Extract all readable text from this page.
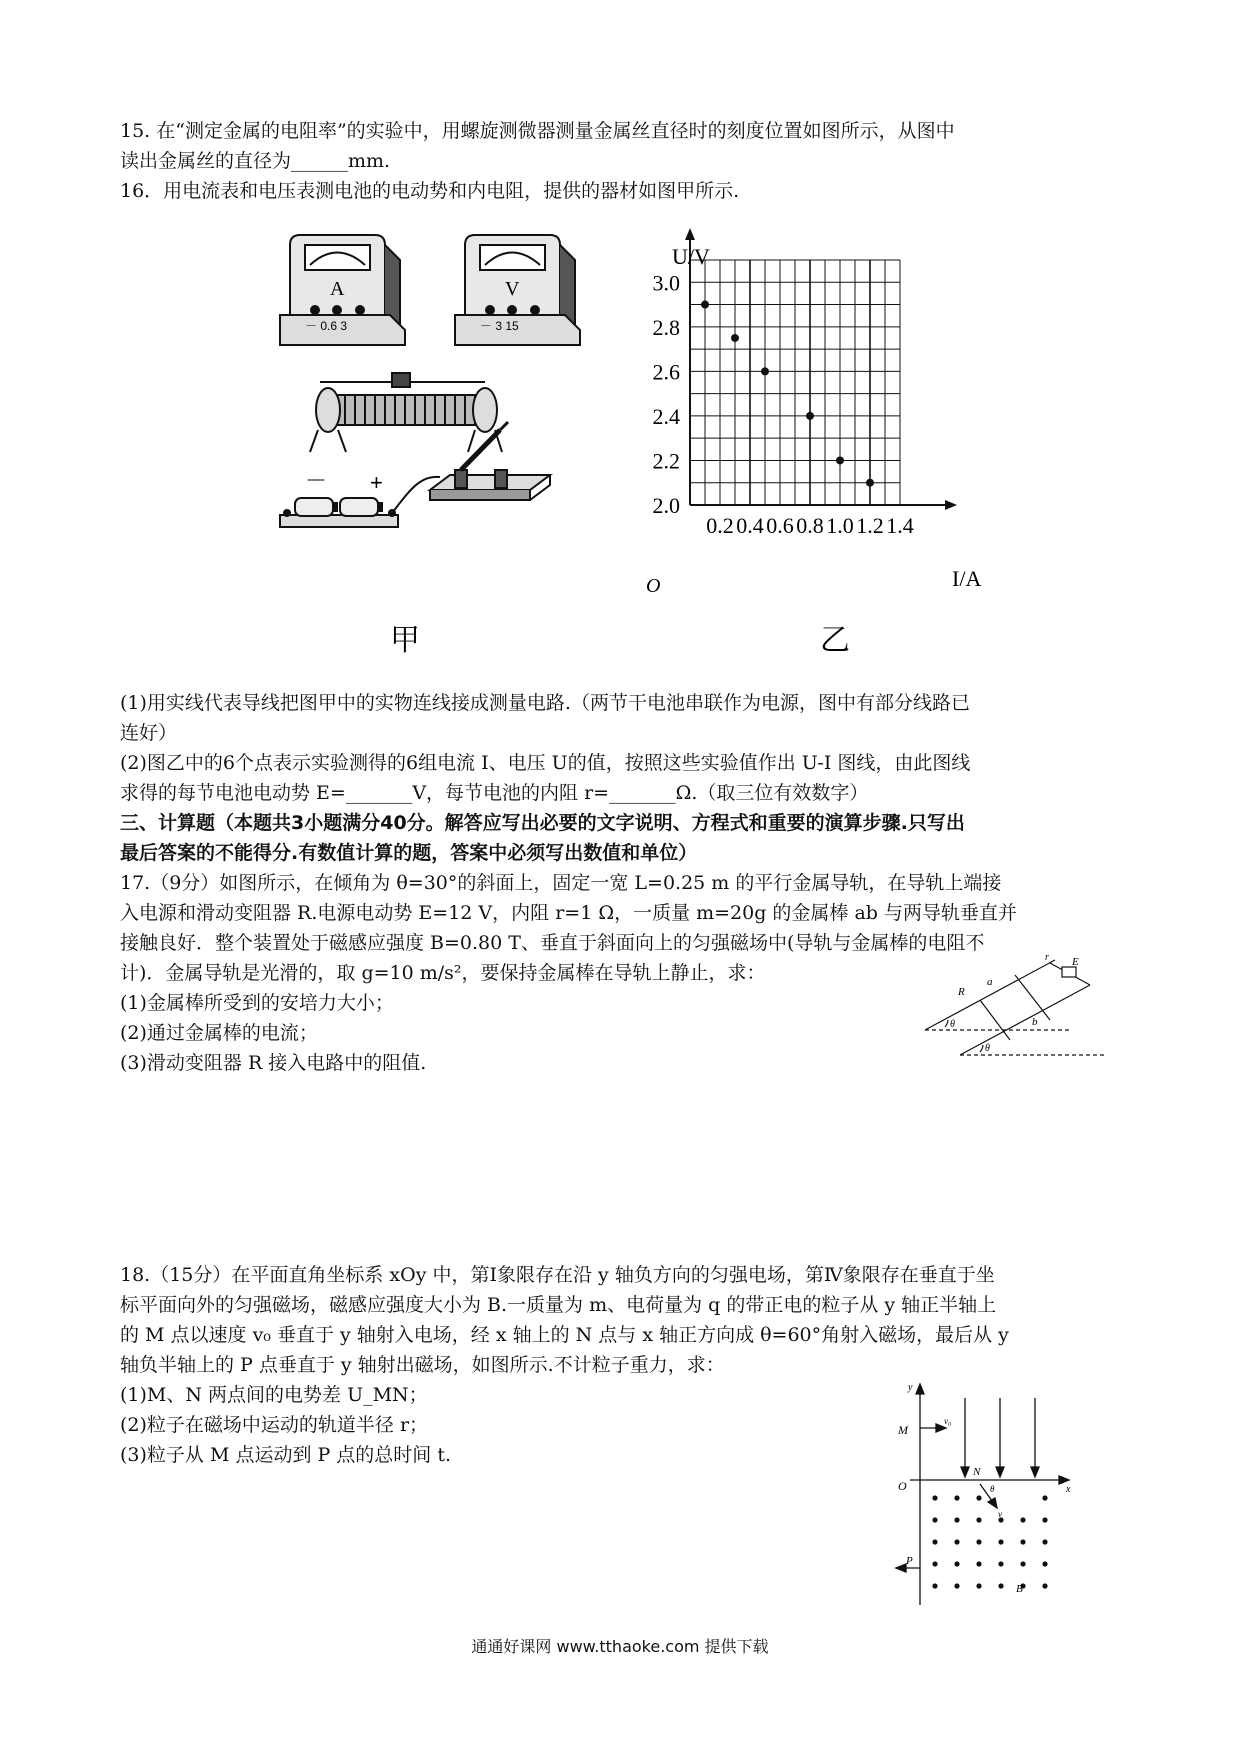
15. 在“测定金属的电阻率”的实验中，用螺旋测微器测量金属丝直径时的刻度位置如图所示，从图中
读出金属丝的直径为______mm.
16．用电流表和电压表测电池的电动势和内电阻，提供的器材如图甲所示.
A
－ 0.6 3
V
－ 3 15
－ +
甲
0.2 0.4 0.6 0.8 1.0 1.2 1.4
2.0
2.2
2.4
2.6
2.8
3.0
O
U/V
I/A
乙
(1)用实线代表导线把图甲中的实物连线接成测量电路.（两节干电池串联作为电源，图中有部分线路已
连好）
(2)图乙中的6个点表示实验测得的6组电流 I、电压 U的值，按照这些实验值作出 U-I 图线，由此图线
求得的每节电池电动势 E=_______V，每节电池的内阻 r=_______Ω.（取三位有效数字）
三、计算题（本题共3小题满分40分。解答应写出必要的文字说明、方程式和重要的演算步骤.只写出
最后答案的不能得分.有数值计算的题，答案中必须写出数值和单位）
17.（9分）如图所示，在倾角为 θ=30°的斜面上，固定一宽 L=0.25 m 的平行金属导轨，在导轨上端接
入电源和滑动变阻器 R.电源电动势 E=12 V，内阻 r=1 Ω，一质量 m=20g 的金属棒 ab 与两导轨垂直并
接触良好．整个装置处于磁感应强度 B=0.80 T、垂直于斜面向上的匀强磁场中(导轨与金属棒的电阻不
计)．金属导轨是光滑的，取 g=10 m/s²，要保持金属棒在导轨上静止，求：
(1)金属棒所受到的安培力大小；
(2)通过金属棒的电流；
(3)滑动变阻器 R 接入电路中的阻值.
R
a
b
E
r
θ
θ
18.（15分）在平面直角坐标系 xOy 中，第Ⅰ象限存在沿 y 轴负方向的匀强电场，第Ⅳ象限存在垂直于坐
标平面向外的匀强磁场，磁感应强度大小为 B.一质量为 m、电荷量为 q 的带正电的粒子从 y 轴正半轴上
的 M 点以速度 v₀ 垂直于 y 轴射入电场，经 x 轴上的 N 点与 x 轴正方向成 θ=60°角射入磁场，最后从 y
轴负半轴上的 P 点垂直于 y 轴射出磁场，如图所示.不计粒子重力，求：
(1)M、N 两点间的电势差 U_MN；
(2)粒子在磁场中运动的轨道半径 r；
(3)粒子从 M 点运动到 P 点的总时间 t.
y
x
O
M
N
P
B
v₀
v
θ
通通好课网 www.tthaoke.com 提供下载
